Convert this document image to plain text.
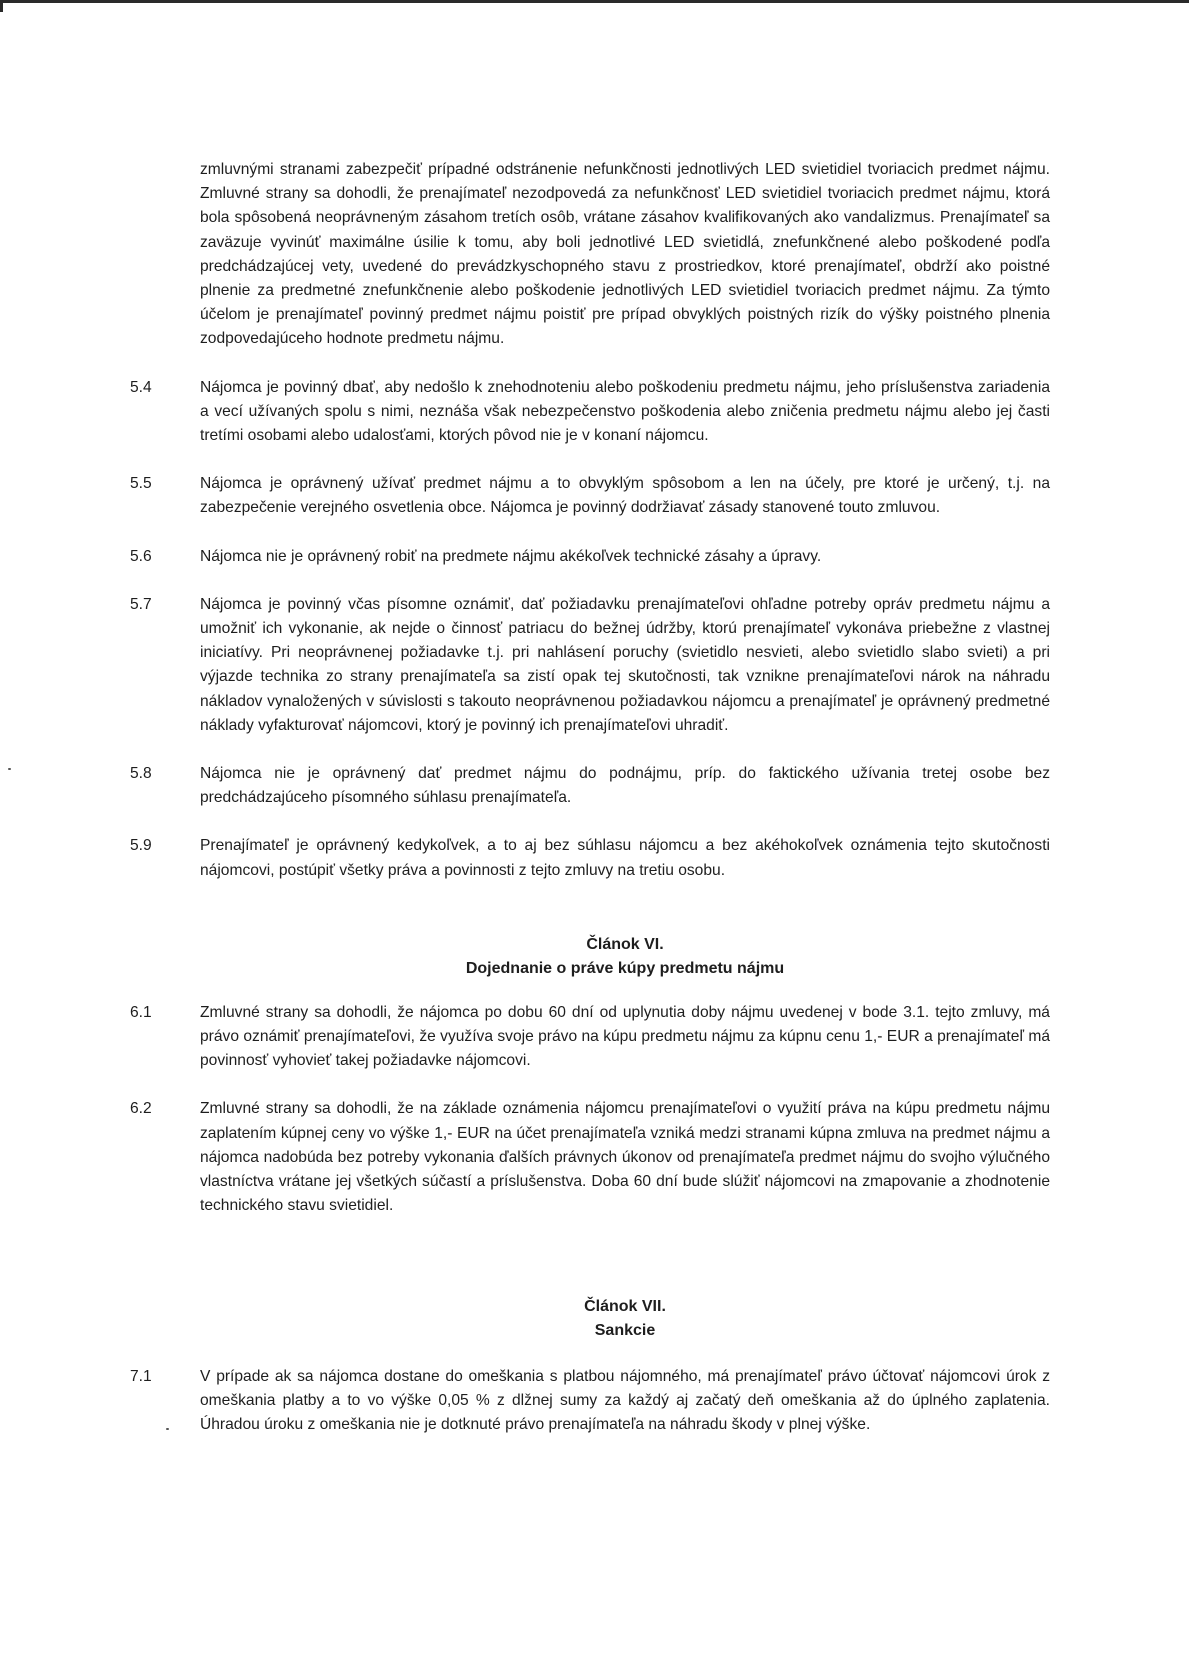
zmluvnými stranami zabezpečiť prípadné odstránenie nefunkčnosti jednotlivých LED svietidiel tvoriacich predmet nájmu. Zmluvné strany sa dohodli, že prenajímateľ nezodpovedá za nefunkčnosť LED svietidiel tvoriacich predmet nájmu, ktorá bola spôsobená neoprávneným zásahom tretích osôb, vrátane zásahov kvalifikovaných ako vandalizmus. Prenajímateľ sa zaväzuje vyvinúť maximálne úsilie k tomu, aby boli jednotlivé LED svietidlá, znefunkčnené alebo poškodené podľa predchádzajúcej vety, uvedené do prevádzkyschopného stavu z prostriedkov, ktoré prenajímateľ, obdrží ako poistné plnenie za predmetné znefunkčnenie alebo poškodenie jednotlivých LED svietidiel tvoriacich predmet nájmu. Za týmto účelom je prenajímateľ povinný predmet nájmu poistiť pre prípad obvyklých poistných rizík do výšky poistného plnenia zodpovedajúceho hodnote predmetu nájmu.
5.4	Nájomca je povinný dbať, aby nedošlo k znehodnoteniu alebo poškodeniu predmetu nájmu, jeho príslušenstva zariadenia a vecí užívaných spolu s nimi, neznáša však nebezpečenstvo poškodenia alebo zničenia predmetu nájmu alebo jej časti tretími osobami alebo udalosťami, ktorých pôvod nie je v konaní nájomcu.
5.5	Nájomca je oprávnený užívať predmet nájmu a to obvyklým spôsobom a len na účely, pre ktoré je určený, t.j. na zabezpečenie verejného osvetlenia obce. Nájomca je povinný dodržiavať zásady stanovené touto zmluvou.
5.6	Nájomca nie je oprávnený robiť na predmete nájmu akékoľvek technické zásahy a úpravy.
5.7	Nájomca je povinný včas písomne oznámiť, dať požiadavku prenajímateľovi ohľadne potreby opráv predmetu nájmu a umožniť ich vykonanie, ak nejde o činnosť patriacu do bežnej údržby, ktorú prenajímateľ vykonáva priebežne z vlastnej iniciatívy. Pri neoprávnenej požiadavke t.j. pri nahlásení poruchy (svietidlo nesvieti, alebo svietidlo slabo svieti) a pri výjazde technika zo strany prenajímateľa sa zistí opak tej skutočnosti, tak vznikne prenajímateľovi nárok na náhradu nákladov vynaložených v súvislosti s takouto neoprávnenou požiadavkou nájomcu a prenajímateľ je oprávnený predmetné náklady vyfakturovať nájomcovi, ktorý je povinný ich prenajímateľovi uhradiť.
5.8	Nájomca nie je oprávnený dať predmet nájmu do podnájmu, príp. do faktického užívania tretej osobe bez predchádzajúceho písomného súhlasu prenajímateľa.
5.9	Prenajímateľ je oprávnený kedykoľvek, a to aj bez súhlasu nájomcu a bez akéhokoľvek oznámenia tejto skutočnosti nájomcovi, postúpiť všetky práva a povinnosti z tejto zmluvy na tretiu osobu.
Článok VI.
Dojednanie o práve kúpy predmetu nájmu
6.1	Zmluvné strany sa dohodli, že nájomca po dobu 60 dní od uplynutia doby nájmu uvedenej v bode 3.1. tejto zmluvy, má právo oznámiť prenajímateľovi, že využíva svoje právo na kúpu predmetu nájmu za kúpnu cenu 1,- EUR a prenajímateľ má povinnosť vyhovieť takej požiadavke nájomcovi.
6.2	Zmluvné strany sa dohodli, že na základe oznámenia nájomcu prenajímateľovi o využití práva na kúpu predmetu nájmu zaplatením kúpnej ceny vo výške 1,- EUR na účet prenajímateľa vzniká medzi stranami kúpna zmluva na predmet nájmu a nájomca nadobúda bez potreby vykonania ďalších právnych úkonov od prenajímateľa predmet nájmu do svojho výlučného vlastníctva vrátane jej všetkých súčastí a príslušenstva. Doba 60 dní bude slúžiť nájomcovi na zmapovanie a zhodnotenie technického stavu svietidiel.
Článok VII.
Sankcie
7.1	V prípade ak sa nájomca dostane do omeškania s platbou nájomného, má prenajímateľ právo účtovať nájomcovi úrok z omeškania platby a to vo výške 0,05 % z dlžnej sumy za každý aj začatý deň omeškania až do úplného zaplatenia. Úhradou úroku z omeškania nie je dotknuté právo prenajímateľa na náhradu škody v plnej výške.
